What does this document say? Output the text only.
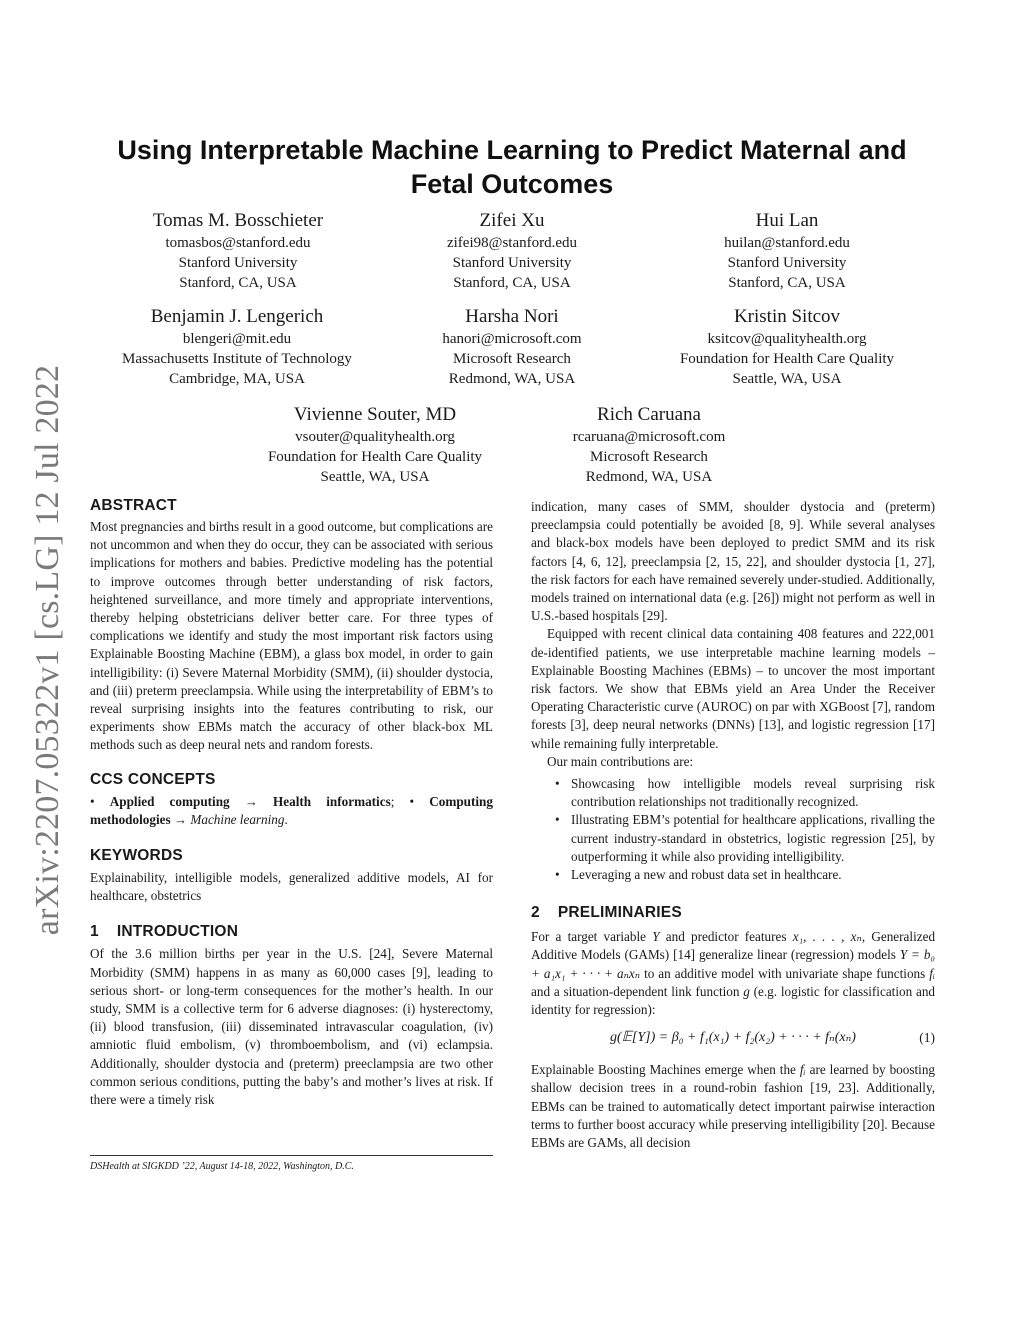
arXiv:2207.05322v1 [cs.LG] 12 Jul 2022
Using Interpretable Machine Learning to Predict Maternal and Fetal Outcomes
Tomas M. Bosschieter
tomasbos@stanford.edu
Stanford University
Stanford, CA, USA
Zifei Xu
zifei98@stanford.edu
Stanford University
Stanford, CA, USA
Hui Lan
huilan@stanford.edu
Stanford University
Stanford, CA, USA
Benjamin J. Lengerich
blengeri@mit.edu
Massachusetts Institute of Technology
Cambridge, MA, USA
Harsha Nori
hanori@microsoft.com
Microsoft Research
Redmond, WA, USA
Kristin Sitcov
ksitcov@qualityhealth.org
Foundation for Health Care Quality
Seattle, WA, USA
Vivienne Souter, MD
vsouter@qualityhealth.org
Foundation for Health Care Quality
Seattle, WA, USA
Rich Caruana
rcaruana@microsoft.com
Microsoft Research
Redmond, WA, USA
ABSTRACT

Most pregnancies and births result in a good outcome, but complications are not uncommon and when they do occur, they can be associated with serious implications for mothers and babies. Predictive modeling has the potential to improve outcomes through better understanding of risk factors, heightened surveillance, and more timely and appropriate interventions, thereby helping obstetricians deliver better care. For three types of complications we identify and study the most important risk factors using Explainable Boosting Machine (EBM), a glass box model, in order to gain intelligibility: (i) Severe Maternal Morbidity (SMM), (ii) shoulder dystocia, and (iii) preterm preeclampsia. While using the interpretability of EBM’s to reveal surprising insights into the features contributing to risk, our experiments show EBMs match the accuracy of other black-box ML methods such as deep neural nets and random forests.

CCS CONCEPTS

• Applied computing → Health informatics; • Computing methodologies → Machine learning.

KEYWORDS

Explainability, intelligible models, generalized additive models, AI for healthcare, obstetrics

1 INTRODUCTION

Of the 3.6 million births per year in the U.S. [24], Severe Maternal Morbidity (SMM) happens in as many as 60,000 cases [9], leading to serious short- or long-term consequences for the mother’s health. In our study, SMM is a collective term for 6 adverse diagnoses: (i) hysterectomy, (ii) blood transfusion, (iii) disseminated intravascular coagulation, (iv) amniotic fluid embolism, (v) thromboembolism, and (vi) eclampsia. Additionally, shoulder dystocia and (preterm) preeclampsia are two other common serious conditions, putting the baby’s and mother’s lives at risk. If there were a timely risk

DSHealth at SIGKDD ’22, August 14-18, 2022, Washington, D.C.

indication, many cases of SMM, shoulder dystocia and (preterm) preeclampsia could potentially be avoided [8, 9]. While several analyses and black-box models have been deployed to predict SMM and its risk factors [4, 6, 12], preeclampsia [2, 15, 22], and shoulder dystocia [1, 27], the risk factors for each have remained severely under-studied. Additionally, models trained on international data (e.g. [26]) might not perform as well in U.S.-based hospitals [29].

Equipped with recent clinical data containing 408 features and 222,001 de-identified patients, we use interpretable machine learning models – Explainable Boosting Machines (EBMs) – to uncover the most important risk factors. We show that EBMs yield an Area Under the Receiver Operating Characteristic curve (AUROC) on par with XGBoost [7], random forests [3], deep neural networks (DNNs) [13], and logistic regression [17] while remaining fully interpretable.

Our main contributions are:

• Showcasing how intelligible models reveal surprising risk contribution relationships not traditionally recognized.
• Illustrating EBM’s potential for healthcare applications, rivalling the current industry-standard in obstetrics, logistic regression [25], by outperforming it while also providing intelligibility.
• Leveraging a new and robust data set in healthcare.
2 PRELIMINARIES

For a target variable Y and predictor features x₁, . . . , xₙ, Generalized Additive Models (GAMs) [14] generalize linear (regression) models Y = b₀ + a₁x₁ + · · · + aₙxₙ to an additive model with univariate shape functions fᵢ and a situation-dependent link function g (e.g. logistic for classification and identity for regression):

g(𝔼[Y]) = β₀ + f₁(x₁) + f₂(x₂) + · · · + fₙ(xₙ)	(1)

Explainable Boosting Machines emerge when the fᵢ are learned by boosting shallow decision trees in a round-robin fashion [19, 23]. Additionally, EBMs can be trained to automatically detect important pairwise interaction terms to further boost accuracy while preserving intelligibility [20]. Because EBMs are GAMs, all decision
